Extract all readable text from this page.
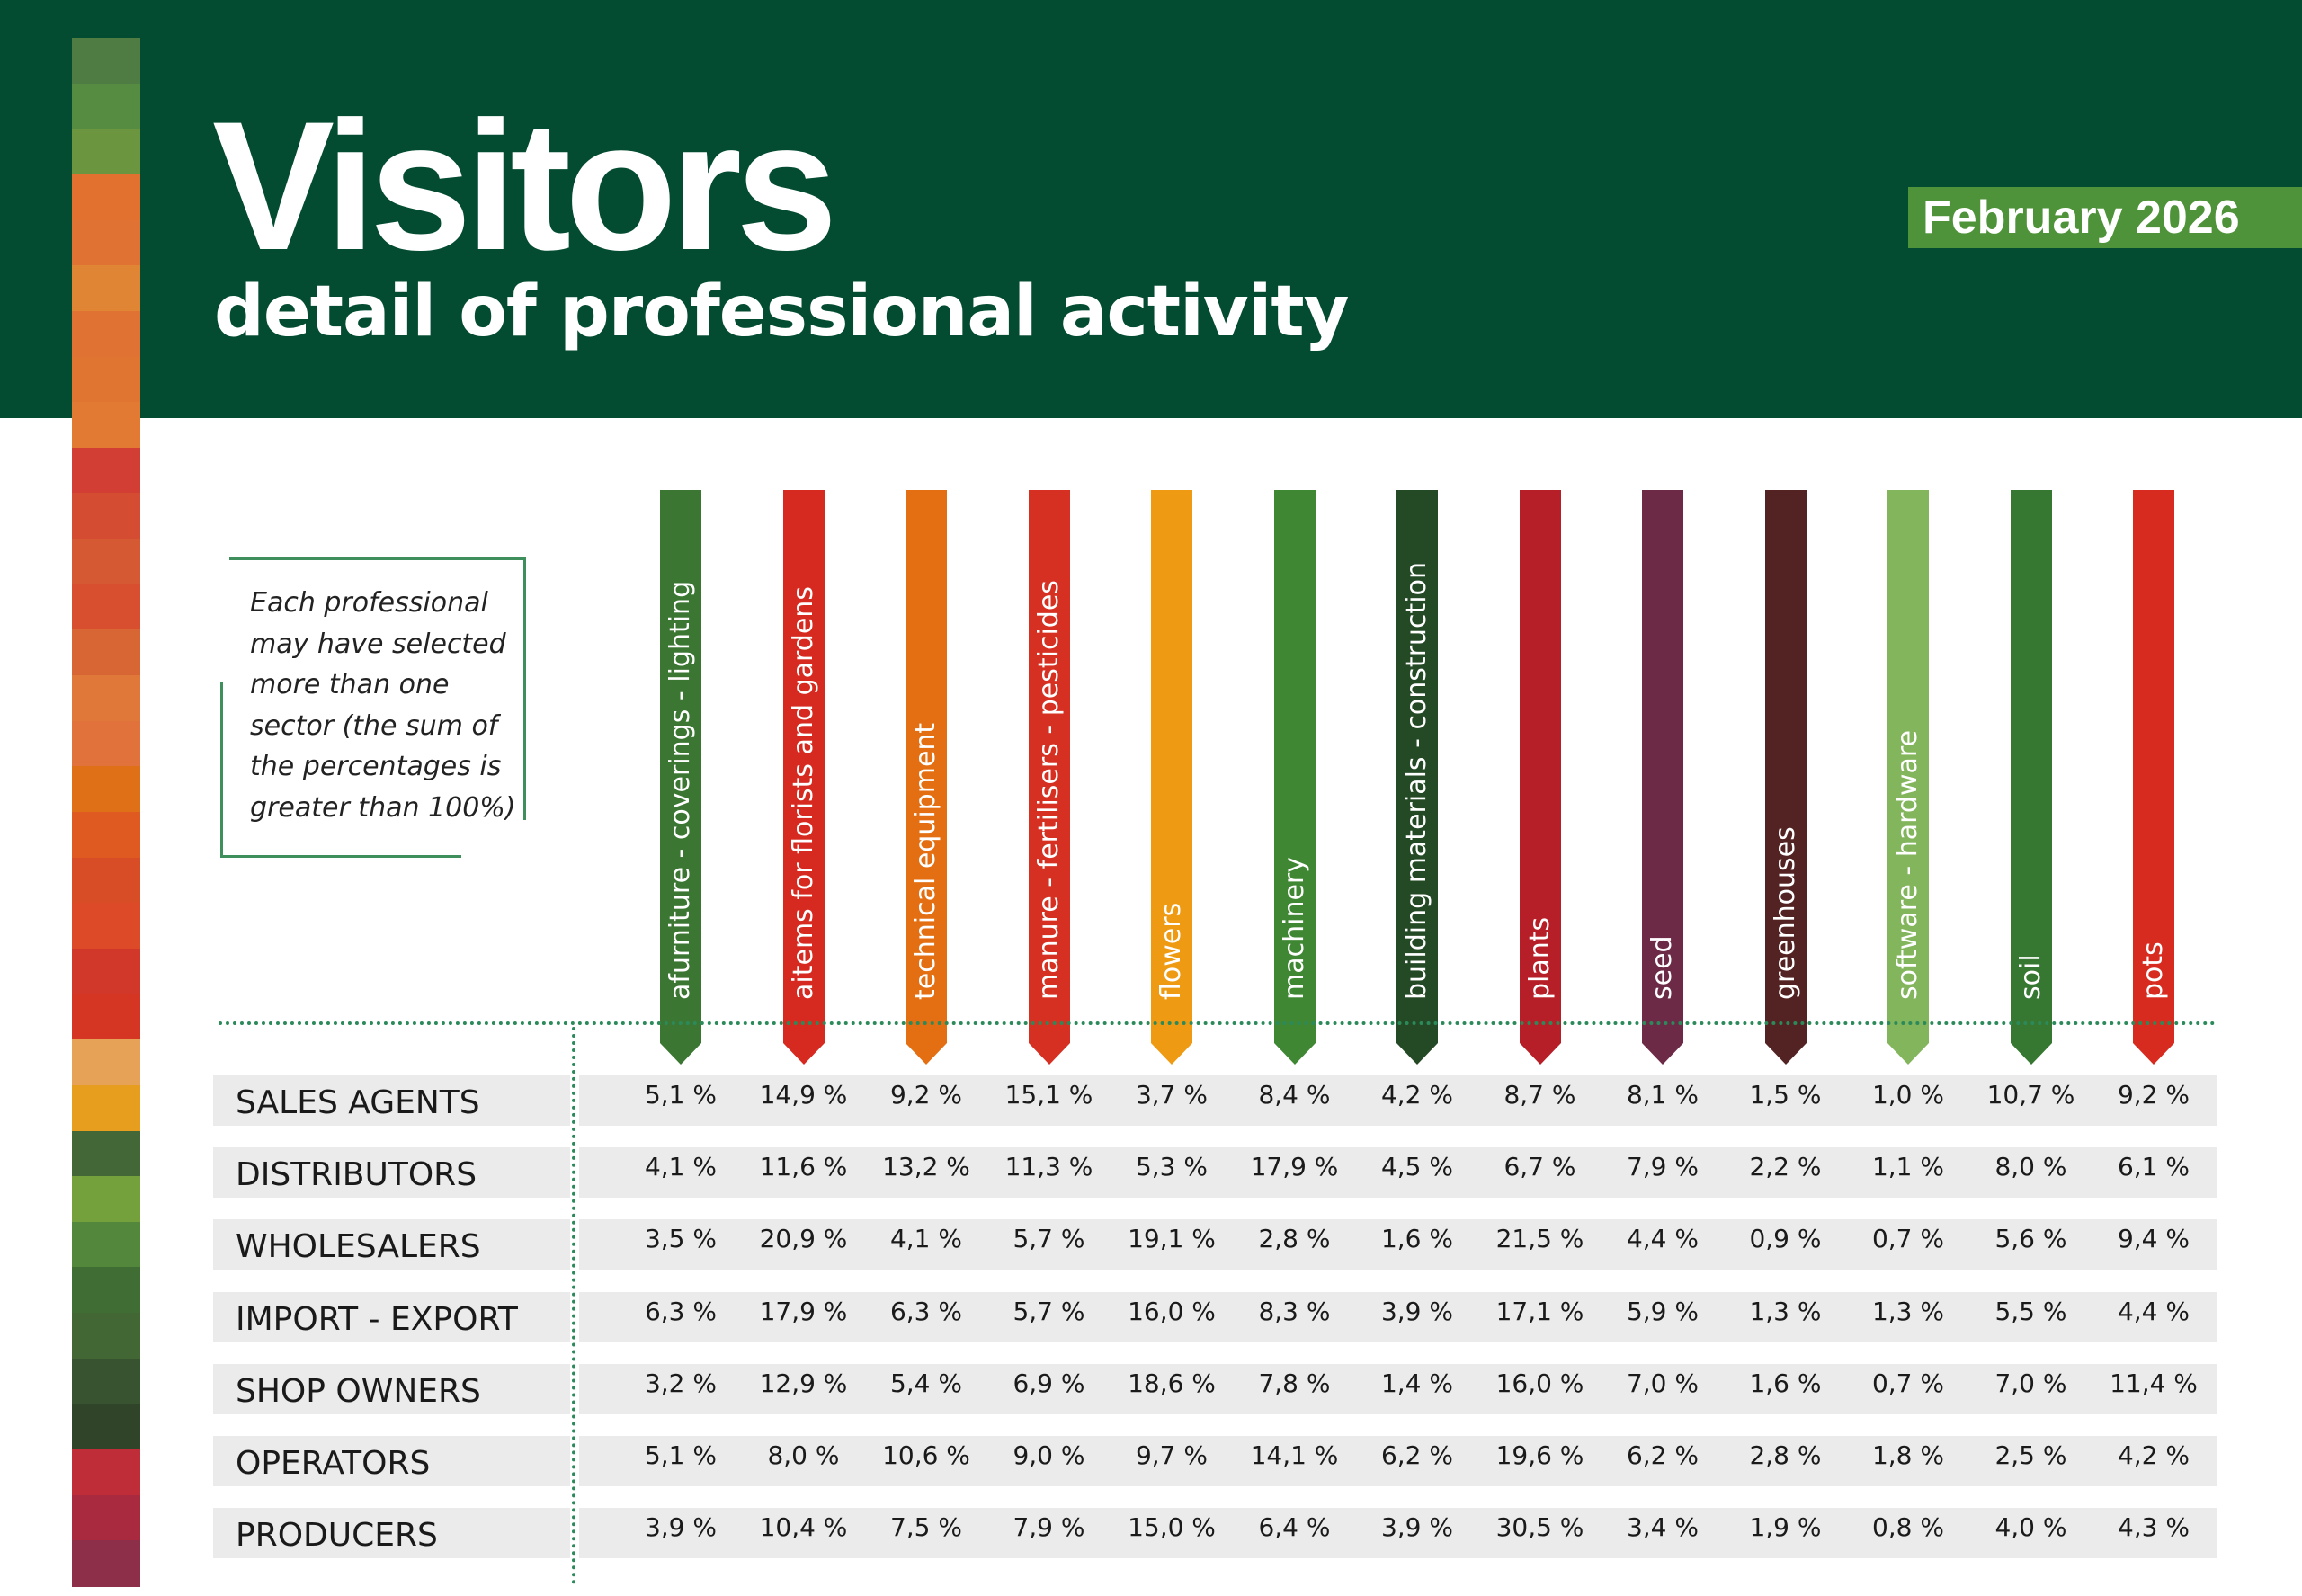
Visitors
detail of professional activity

February 2026

Each professional
may have selected
more than one
sector (the sum of
the percentages is
greater than 100%)	afurniture - coverings - lighting	aitems for florists and gardens	technical equipment	manure - fertilisers - pesticides	flowers	machinery	building materials - construction	plants	seed	greenhouses	software - hardware	soil	pots
SALES AGENTS	5,1 %	14,9 %	9,2 %	15,1 %	3,7 %	8,4 %	4,2 %	8,7 %	8,1 %	1,5 %	1,0 %	10,7 %	9,2 %
DISTRIBUTORS	4,1 %	11,6 %	13,2 %	11,3 %	5,3 %	17,9 %	4,5 %	6,7 %	7,9 %	2,2 %	1,1 %	8,0 %	6,1 %
WHOLESALERS	3,5 %	20,9 %	4,1 %	5,7 %	19,1 %	2,8 %	1,6 %	21,5 %	4,4 %	0,9 %	0,7 %	5,6 %	9,4 %
IMPORT - EXPORT	6,3 %	17,9 %	6,3 %	5,7 %	16,0 %	8,3 %	3,9 %	17,1 %	5,9 %	1,3 %	1,3 %	5,5 %	4,4 %
SHOP OWNERS	3,2 %	12,9 %	5,4 %	6,9 %	18,6 %	7,8 %	1,4 %	16,0 %	7,0 %	1,6 %	0,7 %	7,0 %	11,4 %
OPERATORS	5,1 %	8,0 %	10,6 %	9,0 %	9,7 %	14,1 %	6,2 %	19,6 %	6,2 %	2,8 %	1,8 %	2,5 %	4,2 %
PRODUCERS	3,9 %	10,4 %	7,5 %	7,9 %	15,0 %	6,4 %	3,9 %	30,5 %	3,4 %	1,9 %	0,8 %	4,0 %	4,3 %
